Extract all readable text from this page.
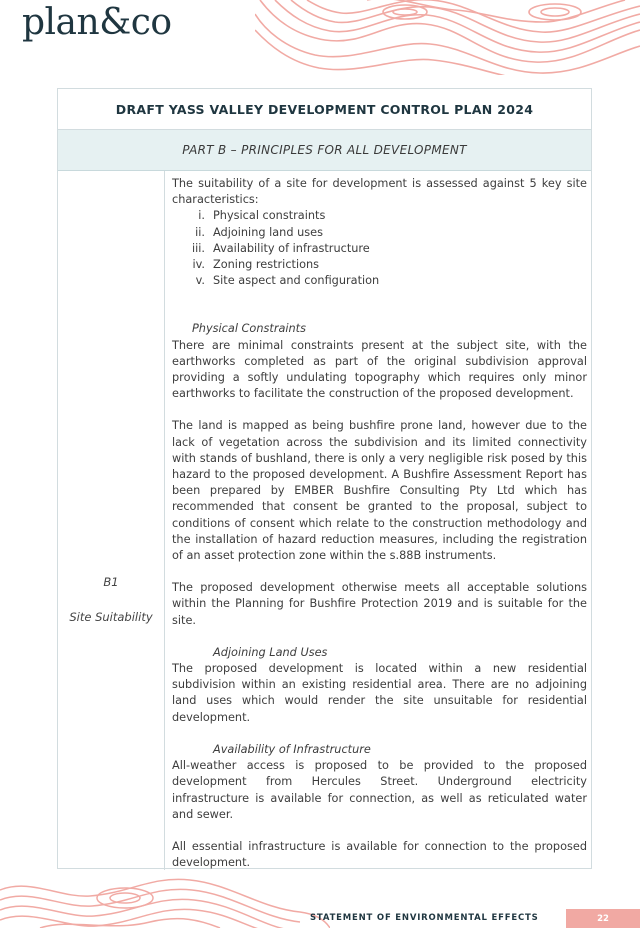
plan&co
DRAFT YASS VALLEY DEVELOPMENT CONTROL PLAN 2024
PART B – PRINCIPLES FOR ALL DEVELOPMENT
B1
Site Suitability

The suitability of a site for development is assessed against 5 key site characteristics:

i. Physical constraints
ii. Adjoining land uses
iii. Availability of infrastructure
iv. Zoning restrictions
v. Site aspect and configuration

Physical Constraints

There are minimal constraints present at the subject site, with the earthworks completed as part of the original subdivision approval providing a softly undulating topography which requires only minor earthworks to facilitate the construction of the proposed development.

The land is mapped as being bushfire prone land, however due to the lack of vegetation across the subdivision and its limited connectivity with stands of bushland, there is only a very negligible risk posed by this hazard to the proposed development. A Bushfire Assessment Report has been prepared by EMBER Bushfire Consulting Pty Ltd which has recommended that consent be granted to the proposal, subject to conditions of consent which relate to the construction methodology and the installation of hazard reduction measures, including the registration of an asset protection zone within the s.88B instruments.

The proposed development otherwise meets all acceptable solutions within the Planning for Bushfire Protection 2019 and is suitable for the site.

Adjoining Land Uses

The proposed development is located within a new residential subdivision within an existing residential area. There are no adjoining land uses which would render the site unsuitable for residential development.

Availability of Infrastructure

All-weather access is proposed to be provided to the proposed development from Hercules Street. Underground electricity infrastructure is available for connection, as well as reticulated water and sewer.

All essential infrastructure is available for connection to the proposed development.

STATEMENT OF ENVIRONMENTAL EFFECTS	22
